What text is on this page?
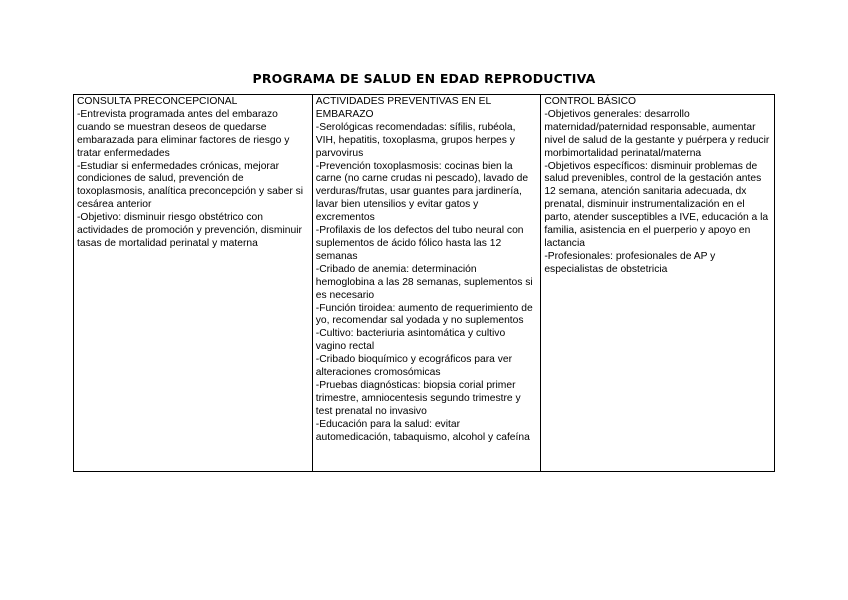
PROGRAMA DE SALUD EN EDAD REPRODUCTIVA
CONSULTA PRECONCEPCIONAL
-Entrevista programada antes del embarazo cuando se muestran deseos de quedarse embarazada para eliminar factores de riesgo y tratar enfermedades
-Estudiar si enfermedades crónicas, mejorar condiciones de salud, prevención de toxoplasmosis, analítica preconcepción y saber si cesárea anterior
-Objetivo: disminuir riesgo obstétrico con actividades de promoción y prevención, disminuir tasas de mortalidad perinatal y materna

ACTIVIDADES PREVENTIVAS EN EL EMBARAZO
-Serológicas recomendadas: sífilis, rubéola, VIH, hepatitis, toxoplasma, grupos herpes y parvovirus
-Prevención toxoplasmosis: cocinas bien la carne (no carne crudas ni pescado), lavado de verduras/frutas, usar guantes para jardinería, lavar bien utensilios y evitar gatos y excrementos
-Profilaxis de los defectos del tubo neural con suplementos de ácido fólico hasta las 12 semanas
-Cribado de anemia: determinación hemoglobina a las 28 semanas, suplementos si es necesario
-Función tiroidea: aumento de requerimiento de yo, recomendar sal yodada y no suplementos
-Cultivo: bacteriuria asintomática y cultivo vagino rectal
-Cribado bioquímico y ecográficos para ver alteraciones cromosómicas
-Pruebas diagnósticas: biopsia corial primer trimestre, amniocentesis segundo trimestre y test prenatal no invasivo
-Educación para la salud: evitar automedicación, tabaquismo, alcohol y cafeína

CONTROL BÁSICO
-Objetivos generales: desarrollo maternidad/paternidad responsable, aumentar nivel de salud de la gestante y puérpera y reducir morbimortalidad perinatal/materna
-Objetivos específicos: disminuir problemas de salud prevenibles, control de la gestación antes 12 semana, atención sanitaria adecuada, dx prenatal, disminuir instrumentalización en el parto, atender susceptibles a IVE, educación a la familia, asistencia en el puerperio y apoyo en lactancia
-Profesionales: profesionales de AP y especialistas de obstetricia
